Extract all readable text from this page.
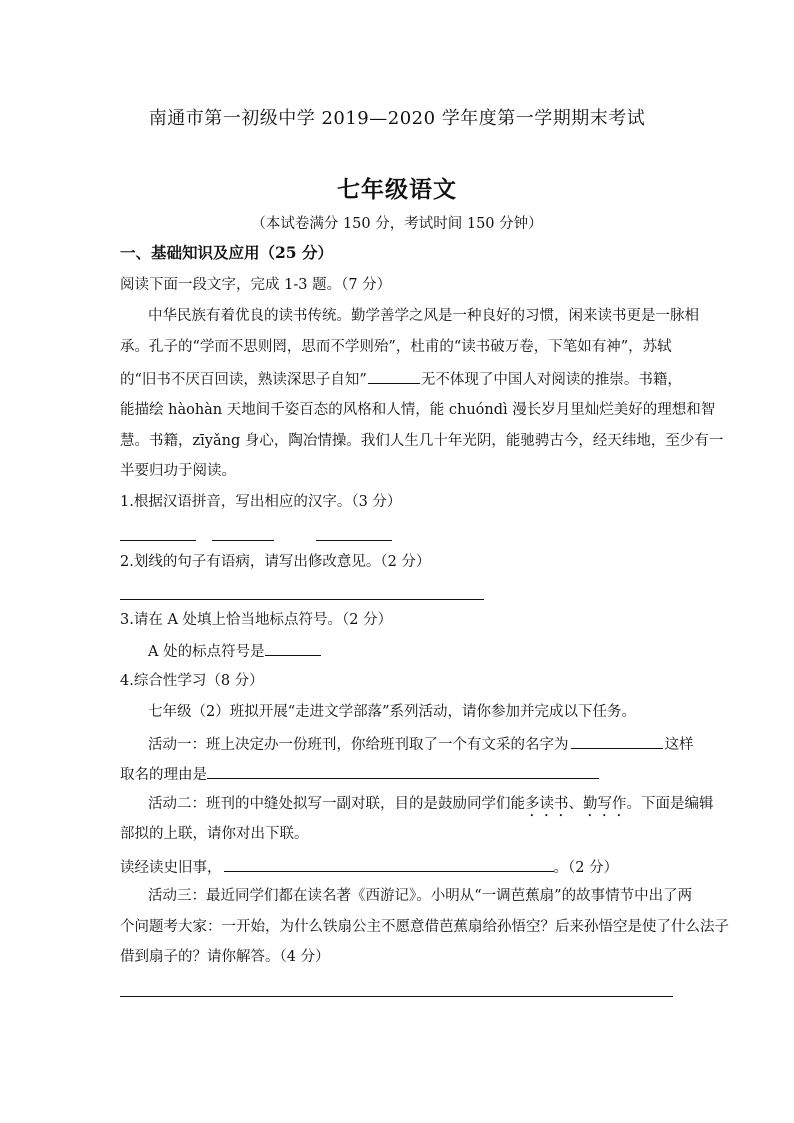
南通市第一初级中学 2019—2020 学年度第一学期期末考试
七年级语文
（本试卷满分 150 分，考试时间 150 分钟）
一、基础知识及应用（25 分）
阅读下面一段文字，完成 1-3 题。（7 分）
中华民族有着优良的读书传统。勤学善学之风是一种良好的习惯，闲来读书更是一脉相
承。孔子的“学而不思则罔，思而不学则殆”，杜甫的“读书破万卷，下笔如有神”，苏轼
的“旧书不厌百回读，熟读深思子自知”	无不体现了中国人对阅读的推崇。书籍，
能描绘 hàohàn 天地间千姿百态的风格和人情，能 chuóndì 漫长岁月里灿烂美好的理想和智
慧。书籍，zīyǎng 身心，陶冶情操。我们人生几十年光阴，能驰骋古今，经天纬地，至少有一
半要归功于阅读。
1.根据汉语拼音，写出相应的汉字。（3 分）
2.划线的句子有语病，请写出修改意见。（2 分）
3.请在 A 处填上恰当地标点符号。（2 分）
A 处的标点符号是
4.综合性学习（8 分）
七年级（2）班拟开展“走进文学部落”系列活动，请你参加并完成以下任务。
活动一：班上决定办一份班刊，你给班刊取了一个有文采的名字为	这样
取名的理由是
活动二：班刊的中缝处拟写一副对联，目的是鼓励同学们能多读书、勤写作。下面是编辑
部拟的上联，请你对出下联。
读经读史旧事，	。（2 分）
活动三：最近同学们都在读名著《西游记》。小明从“一调芭蕉扇”的故事情节中出了两
个问题考大家：一开始，为什么铁扇公主不愿意借芭蕉扇给孙悟空？后来孙悟空是使了什么法子
借到扇子的？请你解答。（4 分）
